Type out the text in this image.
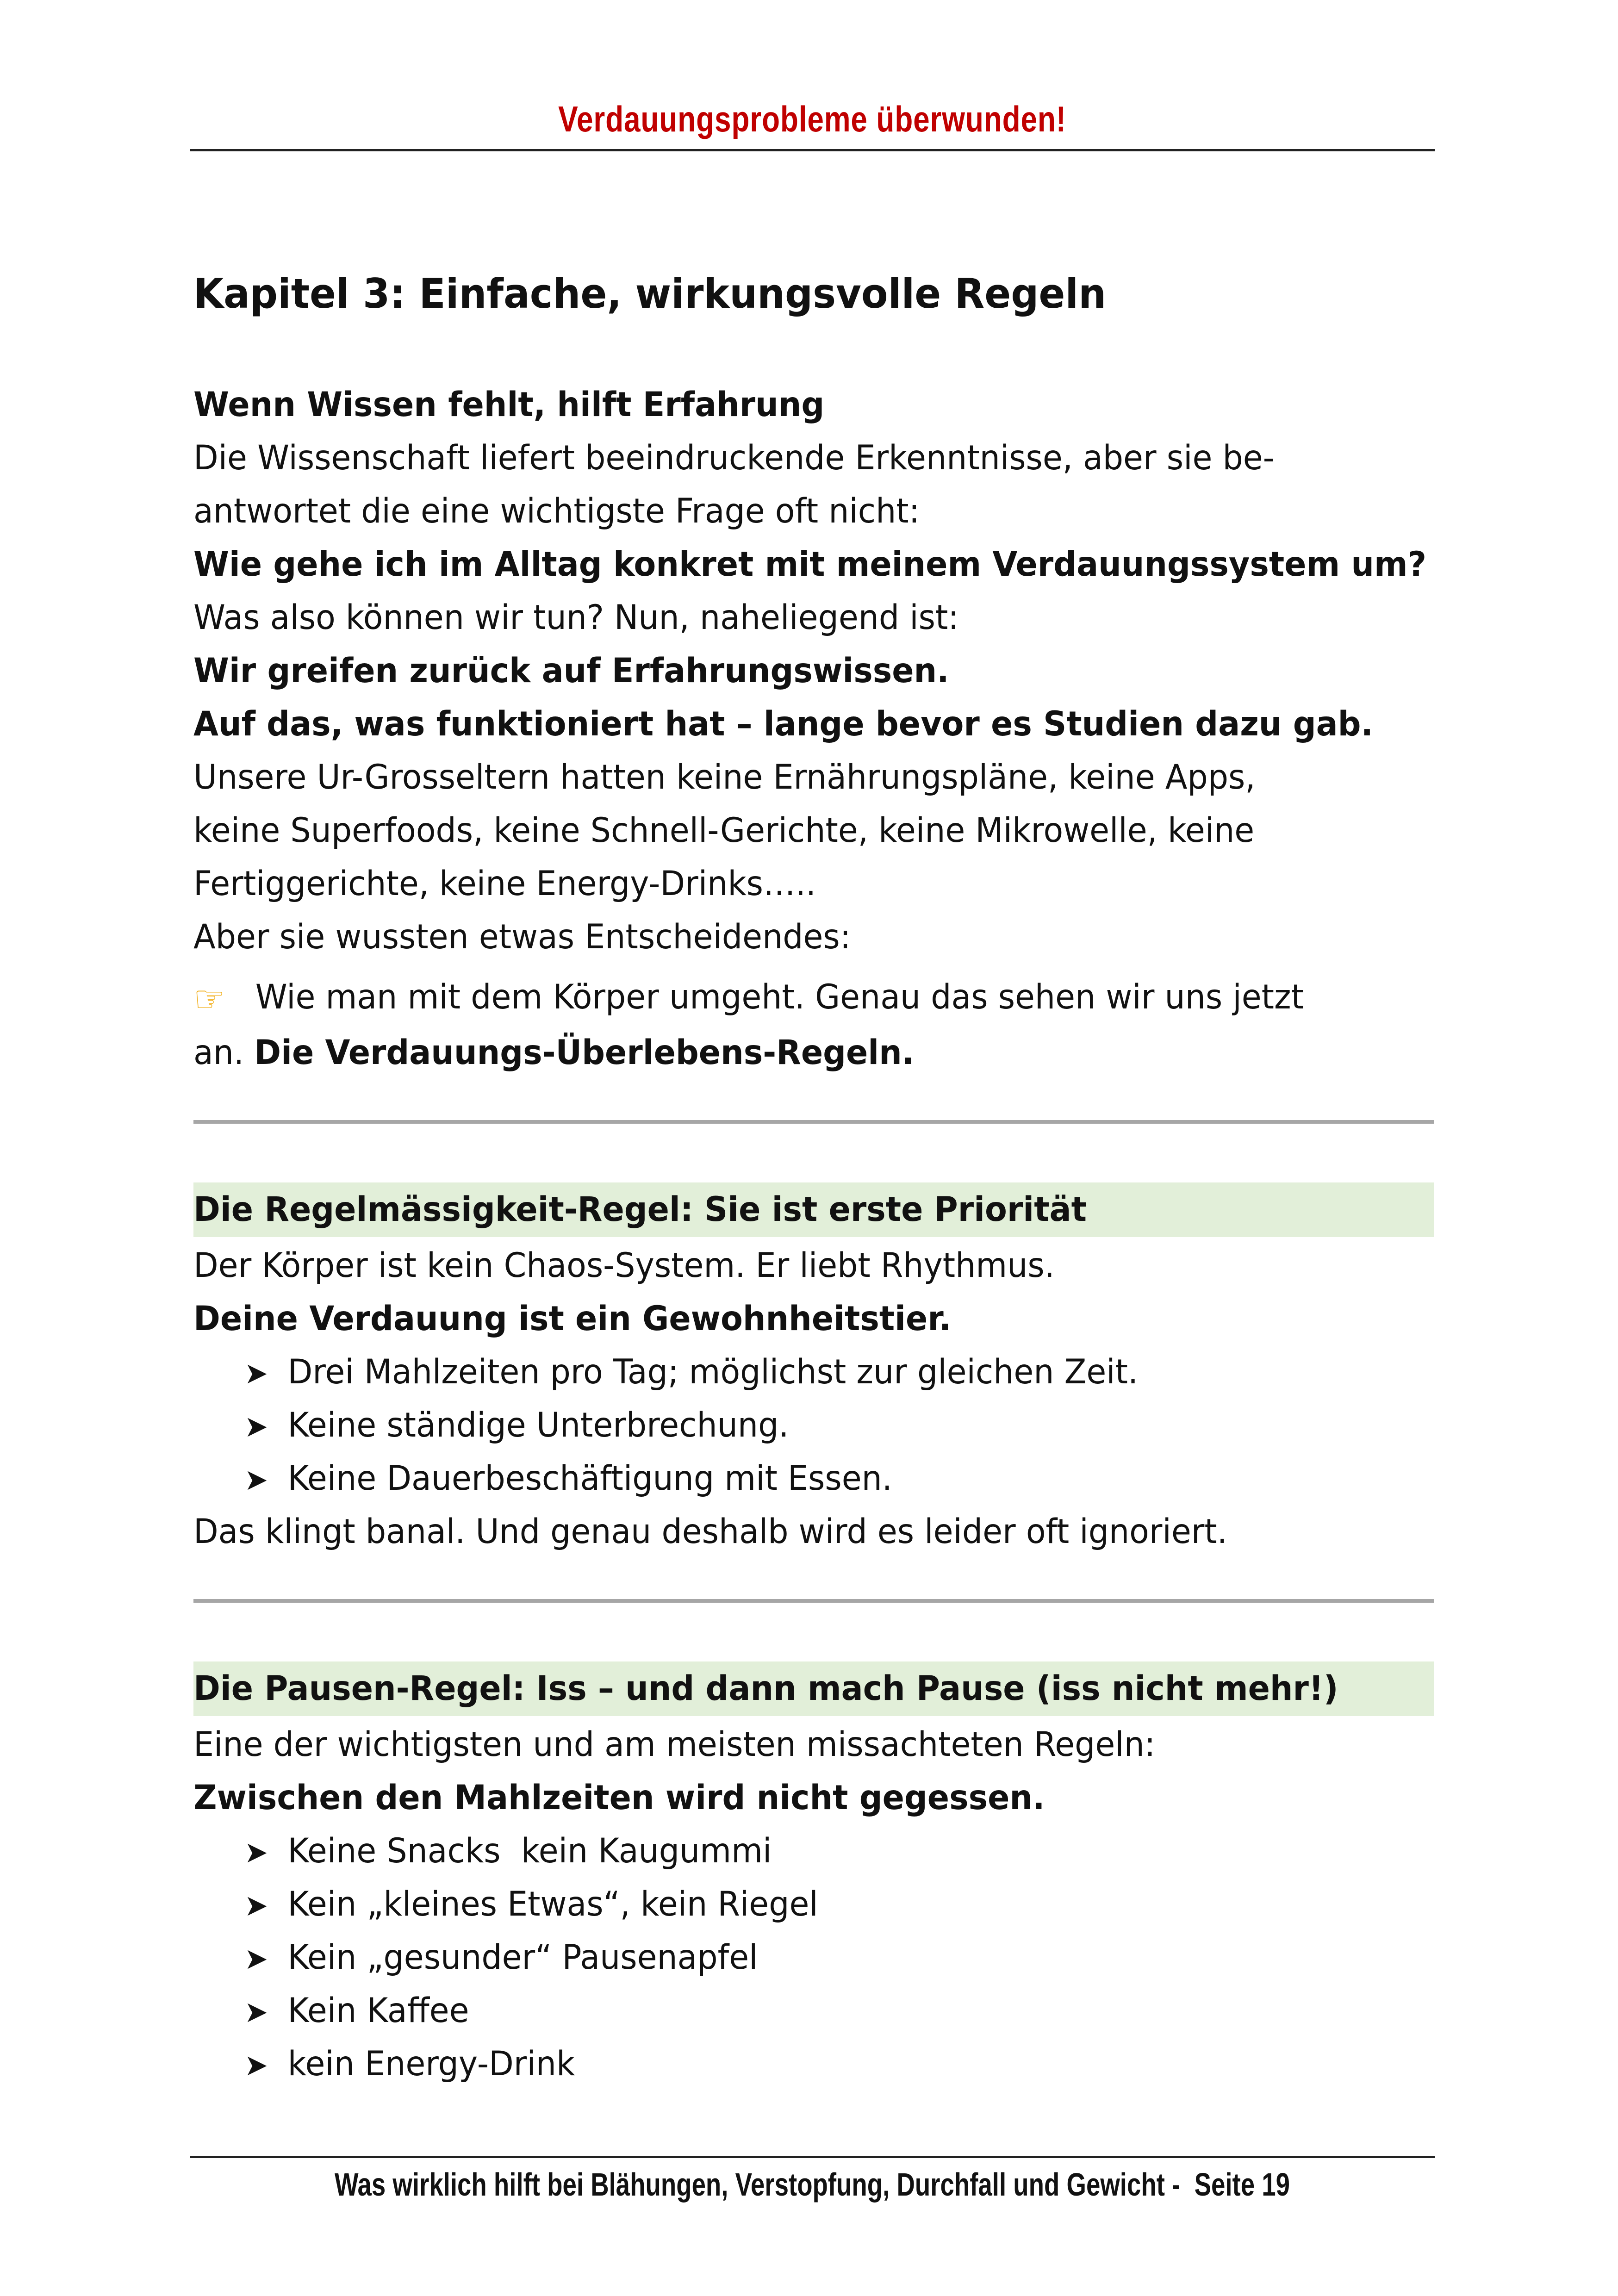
Verdauungsprobleme überwunden!
Kapitel 3: Einfache, wirkungsvolle Regeln
Wenn Wissen fehlt, hilft Erfahrung
Die Wissenschaft liefert beeindruckende Erkenntnisse, aber sie be-
antwortet die eine wichtigste Frage oft nicht:
Wie gehe ich im Alltag konkret mit meinem Verdauungssystem um?
Was also können wir tun? Nun, naheliegend ist:
Wir greifen zurück auf Erfahrungswissen.
Auf das, was funktioniert hat – lange bevor es Studien dazu gab.
Unsere Ur-Grosseltern hatten keine Ernährungspläne, keine Apps,
keine Superfoods, keine Schnell-Gerichte, keine Mikrowelle, keine
Fertiggerichte, keine Energy-Drinks…..
Aber sie wussten etwas Entscheidendes:
☞ Wie man mit dem Körper umgeht. Genau das sehen wir uns jetzt
an. Die Verdauungs-Überlebens-Regeln.
Die Regelmässigkeit-Regel: Sie ist erste Priorität
Der Körper ist kein Chaos-System. Er liebt Rhythmus.
Deine Verdauung ist ein Gewohnheitstier.
➤ Drei Mahlzeiten pro Tag; möglichst zur gleichen Zeit.
➤ Keine ständige Unterbrechung.
➤ Keine Dauerbeschäftigung mit Essen.
Das klingt banal. Und genau deshalb wird es leider oft ignoriert.
Die Pausen-Regel: Iss – und dann mach Pause (iss nicht mehr!)
Eine der wichtigsten und am meisten missachteten Regeln:
Zwischen den Mahlzeiten wird nicht gegessen.
➤ Keine Snacks  kein Kaugummi
➤ Kein „kleines Etwas“, kein Riegel
➤ Kein „gesunder“ Pausenapfel
➤ Kein Kaffee
➤ kein Energy-Drink
Was wirklich hilft bei Blähungen, Verstopfung, Durchfall und Gewicht -  Seite 19
